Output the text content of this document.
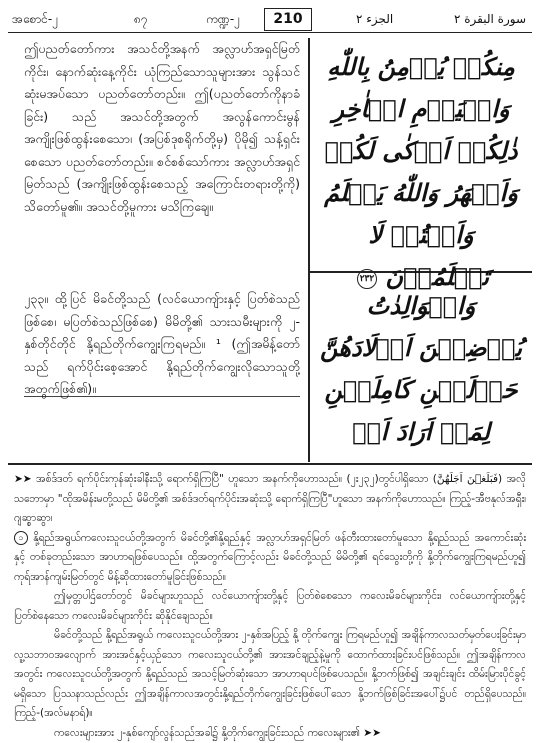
အစောင်-၂	၈၇	ကဏ္ဍ-၂	210	الجزء ٢	سورة البقرة ٢
ဤပညတ်တော်ကား အသင်တို့အနက် အလ္လာဟ်အရှင်မြတ်ကိုင်း၊ နောက်ဆုံးနေ့ကိုင်း ယုံကြည်သောသူများအား သွန်သင်ဆုံးမအပ်သော ပညတ်တော်တည်း။ ဤ(ပညတ်တော်ကိုနာခံခြင်း) သည် အသင်တို့အတွက် အလွန်ကောင်းမွန် အကျိုးဖြစ်ထွန်းစေသော၊ (အပြစ်ဒုစရိုက်တို့မှ) ပိုမို၍ သန့်ရှင်းစေသော ပညတ်တော်တည်း။ စင်စစ်သော်ကား အလ္လာဟ်အရှင်မြတ်သည် (အကျိုးဖြစ်ထွန်းစေသည့် အကြောင်းတရားတို့ကို) သိတော်မူ၏။ အသင်တို့မူကား မသိကြချေ။
၂၃၃။ ထို့ပြင် မိခင်တို့သည် (လင်ယောကျ်ားနှင့် ပြတ်စဲသည်ဖြစ်စေ၊ မပြတ်စဲသည်ဖြစ်စေ) မိမိတို့၏ သားသမီးများကို ၂-နှစ်တိုင်တိုင် နို့ရည်တိုက်ကျွေးကြရမည်။ ¹ (ဤအမိန့်တော်သည် ရက်ပိုင်းစေ့အောင် နို့ရည်တိုက်ကျွေးလိုသောသူတို့အတွက်ဖြစ်၏)။
مِنكُمۡ يُؤۡمِنُ بِاللّٰهِ وَالۡيَوۡمِ الۡاٰخِرِ ذٰلِكُمۡ اَزۡكٰى لَكُمۡ وَاَطۡهَرُ وَاللّٰهُ يَعۡلَمُ وَاَنۡتُمۡ لَا تَعۡلَمُوۡنَ ٢٣٢
وَالۡوَالِدٰتُ يُرۡضِعۡنَ اَوۡلَادَهُنَّ حَوۡلَيۡنِ كَامِلَيۡنِ لِمَنۡ اَرَادَ اَنۡ

➤➤ အစ်ဒ်ဒတ် ရက်ပိုင်းကုန်ဆုံးခါနီးသို့ ရောက်ရှိကြပြီ" ဟူသော အနက်ကိုဟောသည်။ (၂း၂၃၂)တွင်ပါရှိသော (فَبَلَغۡنَ اَجَلَهُنَّ) အလိုသဘောမှာ "ထိုအမိန်းမတို့သည် မိမိတို့၏ အစ်ဒ်ဒတ်ရက်ပိုင်းအဆုံးသို့ ရောက်ရှိကြပြီ"ဟူသော အနက်ကိုဟောသည်။ ကြည့်-အီဗနုလ်အရှီး၊ ဂျဆ္စာဆွာ၊

၁ နို့ရည်အရွယ်ကလေးသူငယ်တို့အတွက် မိခင်တို့၏နို့ရည်နှင့် အလ္လာဟ်အရှင်မြတ် ဖန်တီးထားတော်မူသော နို့ရည်သည် အကောင်းဆုံးနှင့် တစ်ခုတည်းသော အာဟာရဖြစ်ပေသည်။ ထို့အတွက်ကြောင့်လည်း မိခင်တို့သည် မိမိတို့၏ ရင်သွေးတို့ကို နို့တိုက်ကျွေးကြရမည်ဟူ၍ ကုရ်အာန်ကျမ်းမြတ်တွင် မိန့်ဆိုထားတော်မူခြင်းဖြစ်သည်။

ဤမှတ္တပါဌ်တော်တွင် မိခင်များဟူသည် လင်ယောကျ်ားတို့နှင့် ပြတ်စဲစေသော ကလေးမိခင်များကိုင်း၊ လင်ယောကျ်ားတို့နှင့် ပြတ်စဲနေသော ကလေးမိခင်များကိုင်း ဆိုနိုင်ချေသည်။

မိခင်တို့သည် နို့ရည်အရွယ် ကလေးသူငယ်တို့အား ၂-နှစ်အပြည့် နို့ တိုက်ကျွေး ကြရမည်ဟူ၍ အချိန်ကာလသတ်မှတ်ပေးခြင်းမှာ လူ့သဘာဝအလျောက် အားအင်နှင့်ယှဉ်သော ကလေးသူငယ်တို့၏ အားအင်ချည့်နဲ့မှုကို ထောက်ထားခြင်းပင်ဖြစ်သည်။ ဤအချိန်ကာလအတွင်း ကလေးသူငယ်တို့အတွက် နို့ရည်သည် အသင့်မြတ်ဆုံးသော အာဟာရပင်ဖြစ်ပေသည်။ နို့ဘက်ဖြစ်၍ အချင်းချင်း ထိမ်းမြားပိုင်ခွင့်မရှိသော ပြဿနာသည်လည်း ဤအချိန်ကာလအတွင်းနို့ရည်တိုက်ကျွေးခြင်းဖြစ်ပေါ်သော နို့ဘက်ဖြစ်ခြင်းအပေါ်၌ပင် တည်ရှိပေသည်။ ကြည့်-(အလ်မနာရ်)။

ကလေးများအား ၂-နှစ်ကျော်လွန်သည်အခါ၌ နို့တိုက်ကျွေးခြင်းသည် ကလေးများ၏ ➤➤
